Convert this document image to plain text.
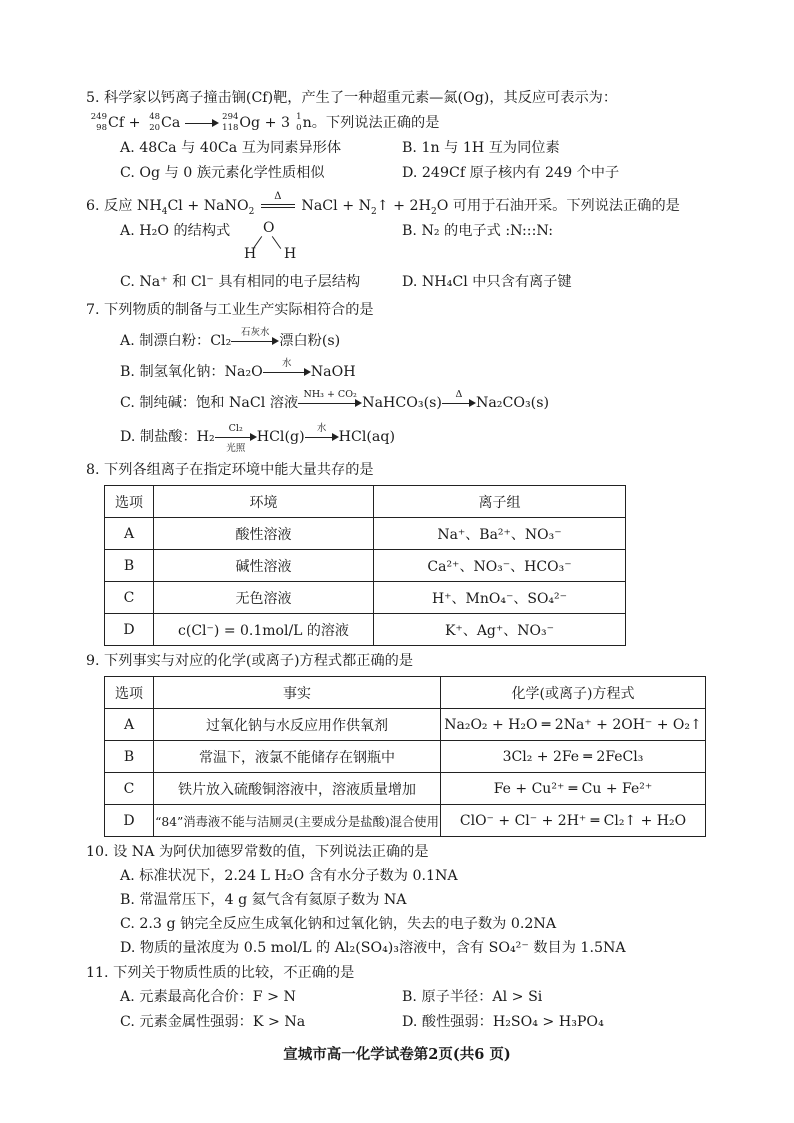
5. 科学家以钙离子撞击锎(Cf)靶，产生了一种超重元素—氮(Og)，其反应可表示为：
249
98 Cf + 48
20 Ca
	294
118 Og + 3 1
0 n。下列说法正确的是
A. 48Ca 与 40Ca 互为同素异形体	B. 1n 与 1H 互为同位素
C. Og 与 0 族元素化学性质相似	D. 249Cf 原子核内有 249 个中子
6. 反应 $NH_4Cl$ + NaNO$_2$
Δ
NaCl + $N_2↑ + 2H_2O$ 可用于石油开采。下列说法正确的是
A. H₂O 的结构式 O
H H
B. N₂ 的电子式 :N:::N:
C. Na⁺ 和 Cl⁻ 具有相同的电子层结构	D. NH₄Cl 中只含有离子键
7. 下列物质的制备与工业生产实际相符合的是
A. 制漂白粉：Cl₂
石灰水
漂白粉(s)
B. 制氢氧化钠：Na₂O
水
NaOH
C. 制纯碱：饱和 NaCl 溶液
NH₃ + CO₂
NaHCO₃(s)
Δ
Na₂CO₃(s)
D. 制盐酸：H₂
Cl₂
光照
HCl(g)
水
HCl(aq)
8. 下列各组离子在指定环境中能大量共存的是
选项	环境	离子组
A	酸性溶液	Na⁺、Ba²⁺、NO₃⁻
B	碱性溶液	Ca²⁺、NO₃⁻、HCO₃⁻
C	无色溶液	H⁺、MnO₄⁻、SO₄²⁻
D	c(Cl⁻) = 0.1mol/L 的溶液	K⁺、Ag⁺、NO₃⁻
9. 下列事实与对应的化学(或离子)方程式都正确的是
选项	事实	化学(或离子)方程式
A	过氧化钠与水反应用作供氧剂	Na₂O₂ + H₂O ═ 2Na⁺ + 2OH⁻ + O₂↑
B	常温下，液氯不能储存在钢瓶中	3Cl₂ + 2Fe ═ 2FeCl₃
C	铁片放入硫酸铜溶液中，溶液质量增加	Fe + Cu²⁺ ═ Cu + Fe²⁺
D	“84”消毒液不能与洁厕灵(主要成分是盐酸)混合使用	ClO⁻ + Cl⁻ + 2H⁺ ═ Cl₂↑ + H₂O
10. 设 NA 为阿伏加德罗常数的值，下列说法正确的是
A. 标准状况下，2.24 L H₂O 含有水分子数为 0.1NA
B. 常温常压下，4 g 氦气含有氦原子数为 NA
C. 2.3 g 钠完全反应生成氧化钠和过氧化钠，失去的电子数为 0.2NA
D. 物质的量浓度为 0.5 mol/L 的 Al₂(SO₄)₃溶液中，含有 SO₄²⁻ 数目为 1.5NA
11. 下列关于物质性质的比较，不正确的是
A. 元素最高化合价：F > N	B. 原子半径：Al > Si
C. 元素金属性强弱：K > Na	D. 酸性强弱：H₂SO₄ > H₃PO₄
宣城市高一化学试卷第2页(共6 页)
